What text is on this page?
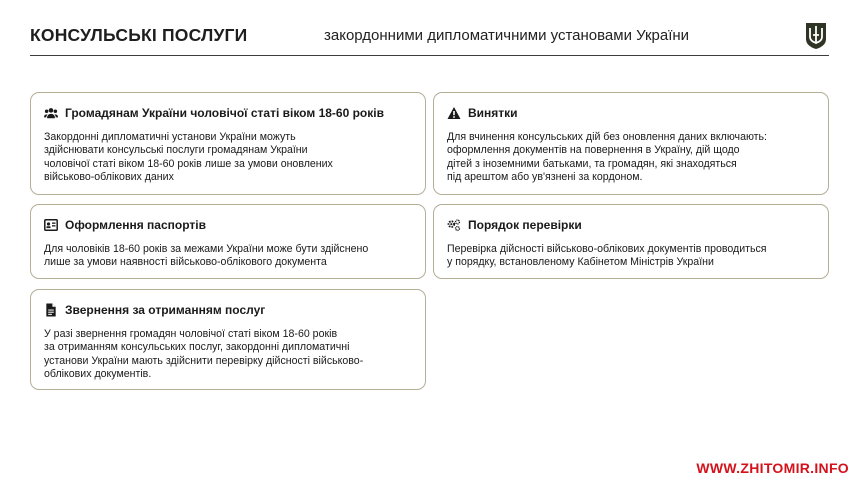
КОНСУЛЬСЬКІ ПОСЛУГИ	закордонними дипломатичними установами України
Громадянам України чоловічої статі віком 18-60 років
Закордонні дипломатичні установи України можуть
здійснювати консульські послуги громадянам України
чоловічої статі віком 18-60 років лише за умови оновлених
військово-облікових даних
Винятки
Для вчинення консульських дій без оновлення даних включають:
оформлення документів на повернення в Україну, дій щодо
дітей з іноземними батьками, та громадян, які знаходяться
під арештом або ув'язнені за кордоном.
Оформлення паспортів
Для чоловіків 18-60 років за межами України може бути здійснено
лише за умови наявності військово-облікового документа
Порядок перевірки
Перевірка дійсності військово-облікових документів проводиться
у порядку, встановленому Кабінетом Міністрів України
Звернення за отриманням послуг
У разі звернення громадян чоловічої статі віком 18-60 років
за отриманням консульських послуг, закордонні дипломатичні
установи України мають здійснити перевірку дійсності військово-
облікових документів.
WWW.ZHITOMIR.INFO
